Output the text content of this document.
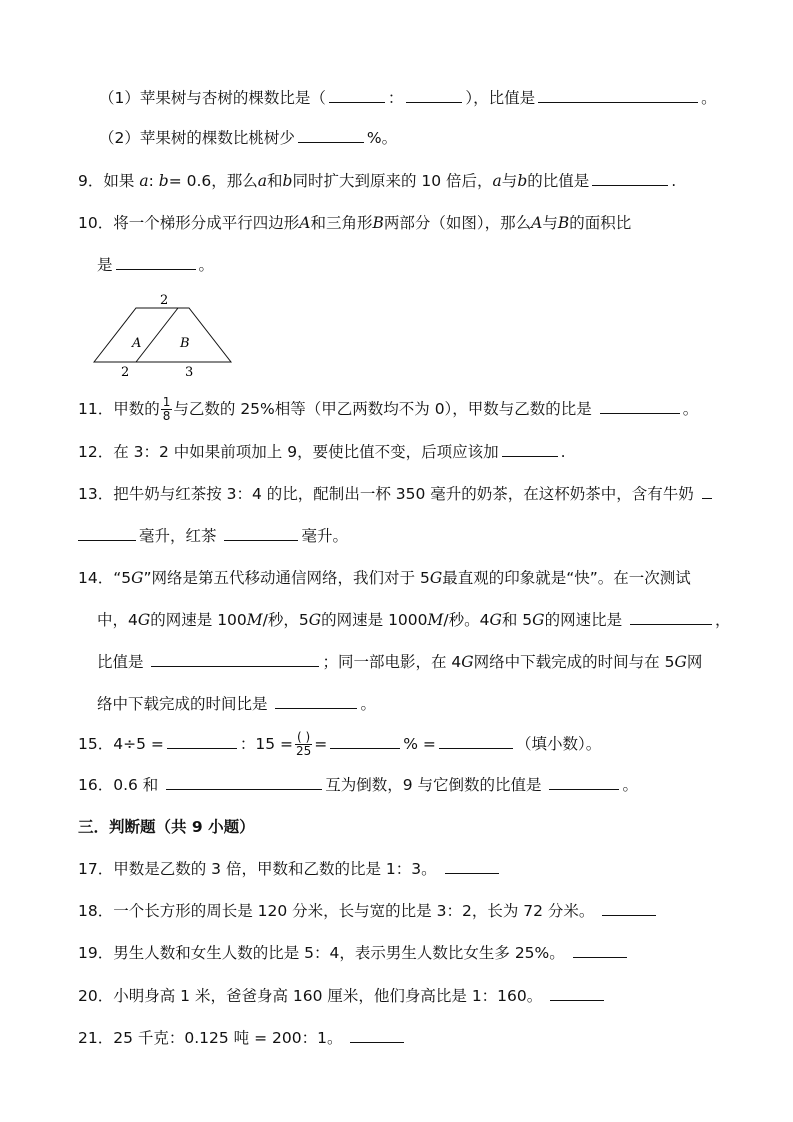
（1）苹果树与杏树的棵数比是（	：	），比值是	。
（2）苹果树的棵数比桃树少	%。
9．如果 a: b= 0.6，那么a和b同时扩大到原来的 10 倍后，a与b的比值是	.
10．将一个梯形分成平行四边形A和三角形B两部分（如图），那么A与B的面积比
是	。
2
A	B
2	3
11．甲数的 $\frac{1}{8}$ 与乙数的 25%相等（甲乙两数均不为 0），甲数与乙数的比是	。
12．在 3：2 中如果前项加上 9，要使比值不变，后项应该加	.
13．把牛奶与红茶按 3：4 的比，配制出一杯 350 毫升的奶茶，在这杯奶茶中，含有牛奶
毫升，红茶	毫升。
14．“5G”网络是第五代移动通信网络，我们对于 5G最直观的印象就是“快”。在一次测试
中，4G的网速是 100M/秒，5G的网速是 1000M/秒。4G和 5G的网速比是	，
比值是	；同一部电影，在 4G网络中下载完成的时间与在 5G网
络中下载完成的时间比是	。
15．4÷5 =	：$15 = \frac{( )}{25}$ =	% =	（填小数）。
16．0.6 和	互为倒数，9 与它倒数的比值是	。
三．判断题（共 9 小题）
17．甲数是乙数的 3 倍，甲数和乙数的比是 1：3。
18．一个长方形的周长是 120 分米，长与宽的比是 3：2，长为 72 分米。
19．男生人数和女生人数的比是 5：4，表示男生人数比女生多 25%。
20．小明身高 1 米，爸爸身高 160 厘米，他们身高比是 1：160。
21．25 千克：0.125 吨 = 200：1。
